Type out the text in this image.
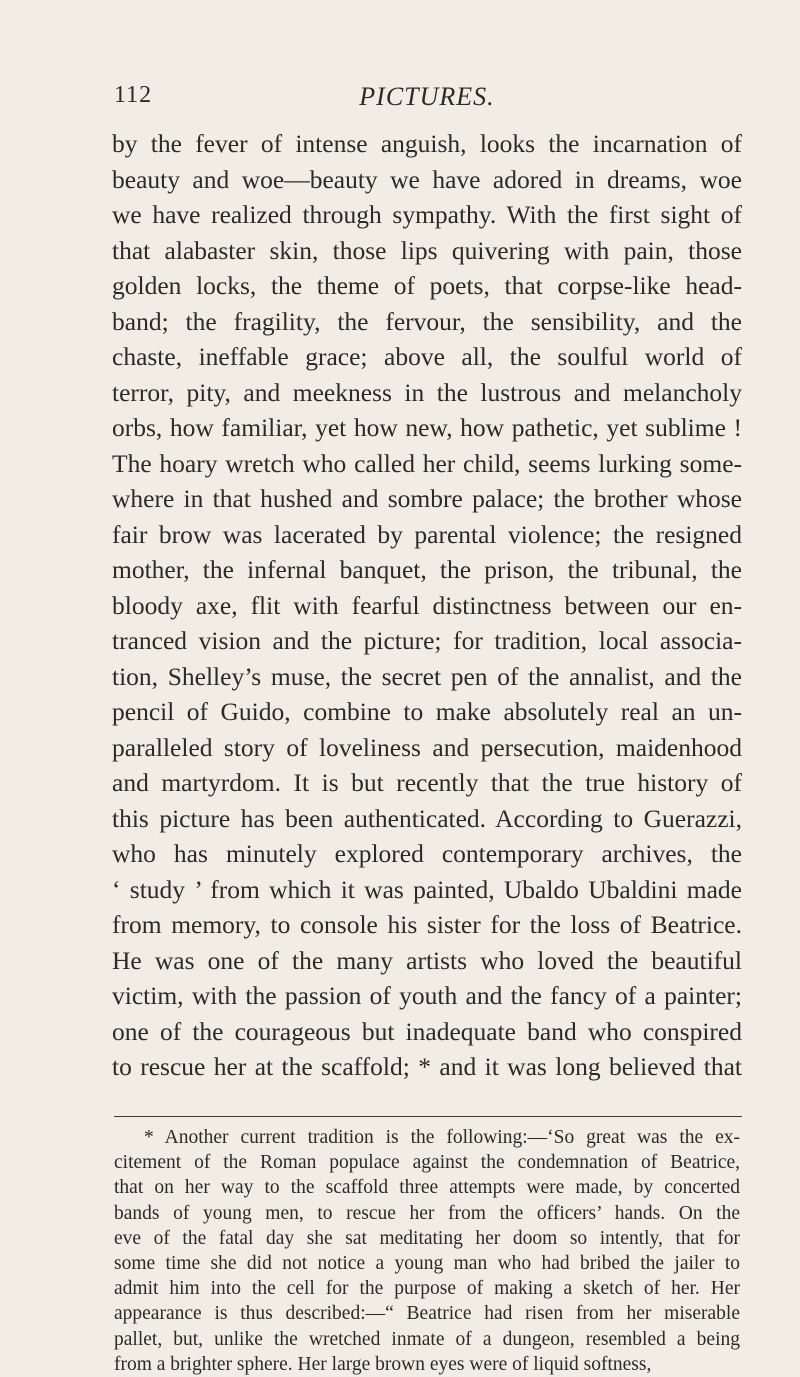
112	PICTURES.
by the fever of intense anguish, looks the incarnation of
beauty and woe—beauty we have adored in dreams, woe
we have realized through sympathy. With the first sight of
that alabaster skin, those lips quivering with pain, those
golden locks, the theme of poets, that corpse-like head-
band; the fragility, the fervour, the sensibility, and the
chaste, ineffable grace; above all, the soulful world of
terror, pity, and meekness in the lustrous and melancholy
orbs, how familiar, yet how new, how pathetic, yet sublime !
The hoary wretch who called her child, seems lurking some-
where in that hushed and sombre palace; the brother whose
fair brow was lacerated by parental violence; the resigned
mother, the infernal banquet, the prison, the tribunal, the
bloody axe, flit with fearful distinctness between our en-
tranced vision and the picture; for tradition, local associa-
tion, Shelley’s muse, the secret pen of the annalist, and the
pencil of Guido, combine to make absolutely real an un-
paralleled story of loveliness and persecution, maidenhood
and martyrdom. It is but recently that the true history of
this picture has been authenticated. According to Guerazzi,
who has minutely explored contemporary archives, the
‘ study ’ from which it was painted, Ubaldo Ubaldini made
from memory, to console his sister for the loss of Beatrice.
He was one of the many artists who loved the beautiful
victim, with the passion of youth and the fancy of a painter;
one of the courageous but inadequate band who conspired
to rescue her at the scaffold; * and it was long believed that
* Another current tradition is the following:—‘So great was the ex-
citement of the Roman populace against the condemnation of Beatrice,
that on her way to the scaffold three attempts were made, by concerted
bands of young men, to rescue her from the officers’ hands. On the
eve of the fatal day she sat meditating her doom so intently, that for
some time she did not notice a young man who had bribed the jailer to
admit him into the cell for the purpose of making a sketch of her. Her
appearance is thus described:—“ Beatrice had risen from her miserable
pallet, but, unlike the wretched inmate of a dungeon, resembled a being
from a brighter sphere. Her large brown eyes were of liquid softness,
